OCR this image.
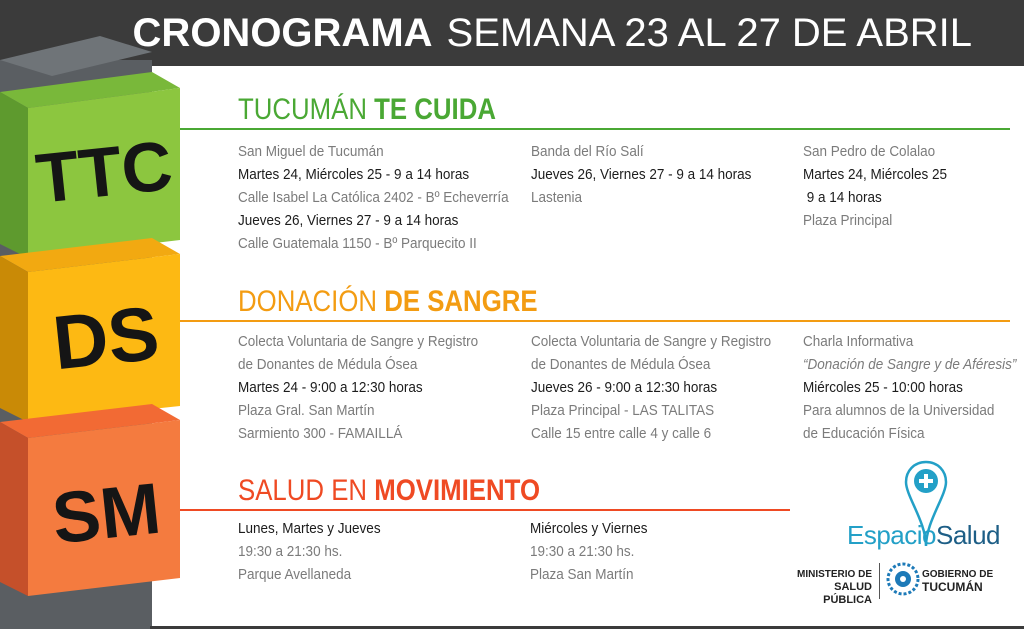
CRONOGRAMA SEMANA 23 AL 27 DE ABRIL
TTC
DS
SM
TUCUMÁN TE CUIDA
San Miguel de Tucumán
Martes 24, Miércoles 25 - 9 a 14 horas
Calle Isabel La Católica 2402 - Bº Echeverría
Jueves 26, Viernes 27 - 9 a 14 horas
Calle Guatemala 1150 - Bº Parquecito II
Banda del Río Salí
Jueves 26, Viernes 27 - 9 a 14 horas
Lastenia
San Pedro de Colalao
Martes 24, Miércoles 25
9 a 14 horas
Plaza Principal
DONACIÓN DE SANGRE
Colecta Voluntaria de Sangre y Registro
de Donantes de Médula Ósea
Martes 24 - 9:00 a 12:30 horas
Plaza Gral. San Martín
Sarmiento 300 - FAMAILLÁ
Colecta Voluntaria de Sangre y Registro
de Donantes de Médula Ósea
Jueves 26 - 9:00 a 12:30 horas
Plaza Principal - LAS TALITAS
Calle 15 entre calle 4 y calle 6
Charla Informativa
“Donación de Sangre y de Aféresis”
Miércoles 25 - 10:00 horas
Para alumnos de la Universidad
de Educación Física
SALUD EN MOVIMIENTO
Lunes, Martes y Jueves
19:30 a 21:30 hs.
Parque Avellaneda
Miércoles y Viernes
19:30 a 21:30 hs.
Plaza San Martín
EspacioSalud
MINISTERIO DE
SALUD PÚBLICA
GOBIERNO DE
TUCUMÁN
